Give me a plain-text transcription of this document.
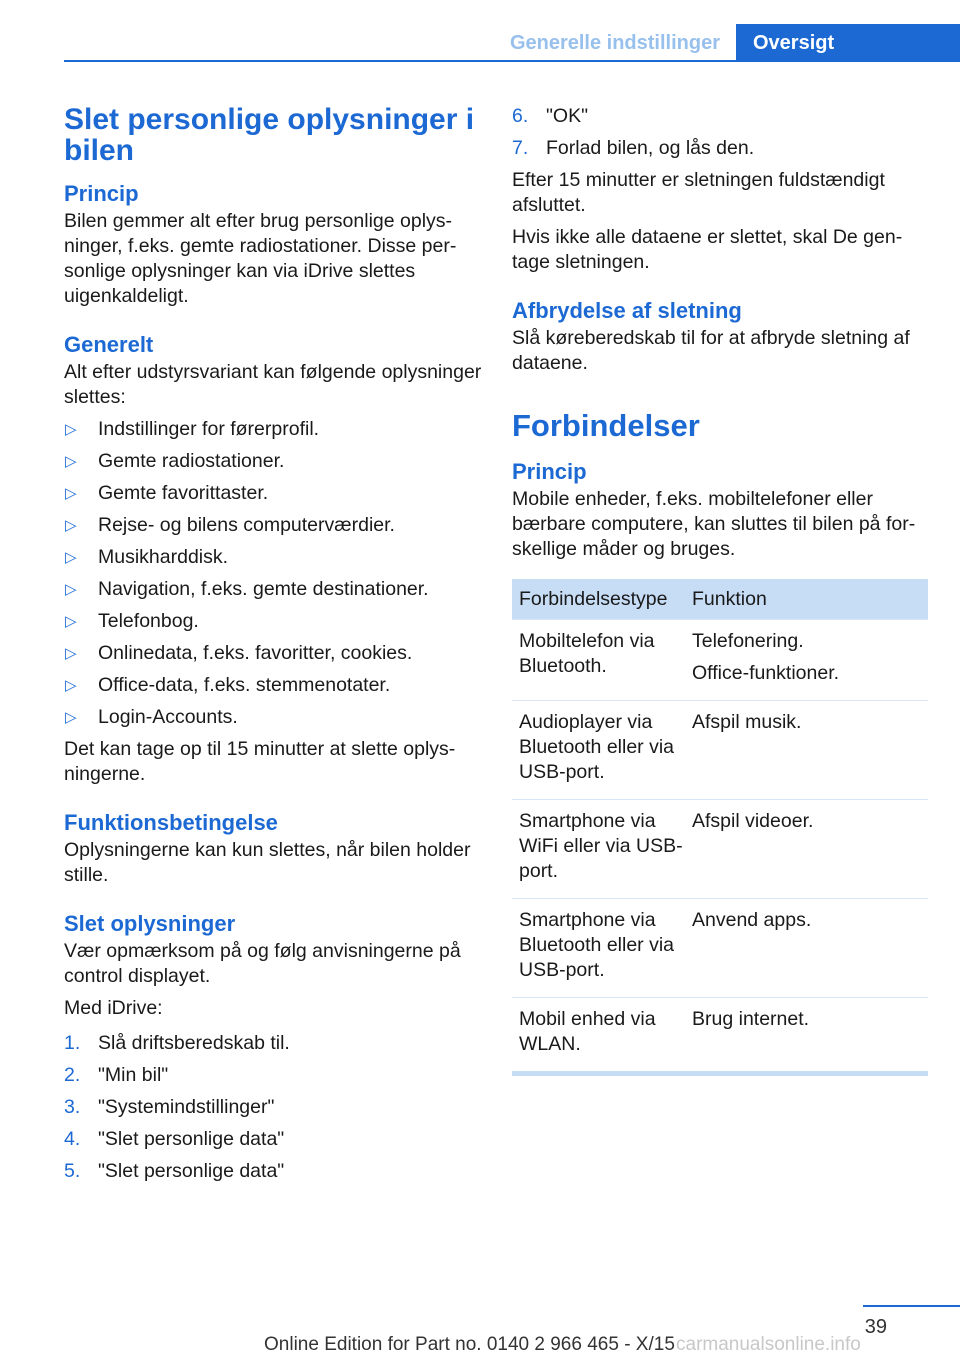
Generelle indstillinger	Oversigt
Slet personlige oplysninger i bilen
Princip

Bilen gemmer alt efter brug personlige oplysninger, f.eks. gemte radiostationer. Disse personlige oplysninger kan via iDrive slettes uigenkaldeligt.

Generelt

Alt efter udstyrsvariant kan følgende oplysninger slettes:

▷ Indstillinger for førerprofil.
▷ Gemte radiostationer.
▷ Gemte favorittaster.
▷ Rejse- og bilens computerværdier.
▷ Musikharddisk.
▷ Navigation, f.eks. gemte destinationer.
▷ Telefonbog.
▷ Onlinedata, f.eks. favoritter, cookies.
▷ Office-data, f.eks. stemmenotater.
▷ Login-Accounts.

Det kan tage op til 15 minutter at slette oplysningerne.

Funktionsbetingelse

Oplysningerne kan kun slettes, når bilen holder stille.

Slet oplysninger

Vær opmærksom på og følg anvisningerne på control displayet.

Med iDrive:

1. Slå driftsberedskab til.
2. "Min bil"
3. "Systemindstillinger"
4. "Slet personlige data"
5. "Slet personlige data"
6. "OK"
7. Forlad bilen, og lås den.

Efter 15 minutter er sletningen fuldstændigt afsluttet.

Hvis ikke alle dataene er slettet, skal De gentage sletningen.

Afbrydelse af sletning

Slå køreberedskab til for at afbryde sletning af dataene.

Forbindelser
Princip

Mobile enheder, f.eks. mobiltelefoner eller bærbare computere, kan sluttes til bilen på forskellige måder og bruges.

Forbindelsestype	Funktion
Mobiltelefon via Bluetooth.
Telefonering.
Office-funktioner.
Audioplayer via Bluetooth eller via USB-port.
Afspil musik.
Smartphone via WiFi eller via USB-port.
Afspil videoer.
Smartphone via Bluetooth eller via USB-port.
Anvend apps.
Mobil enhed via WLAN.
Brug internet.
39
Online Edition for Part no. 0140 2 966 465 - X/15 carmanualsonline.info
